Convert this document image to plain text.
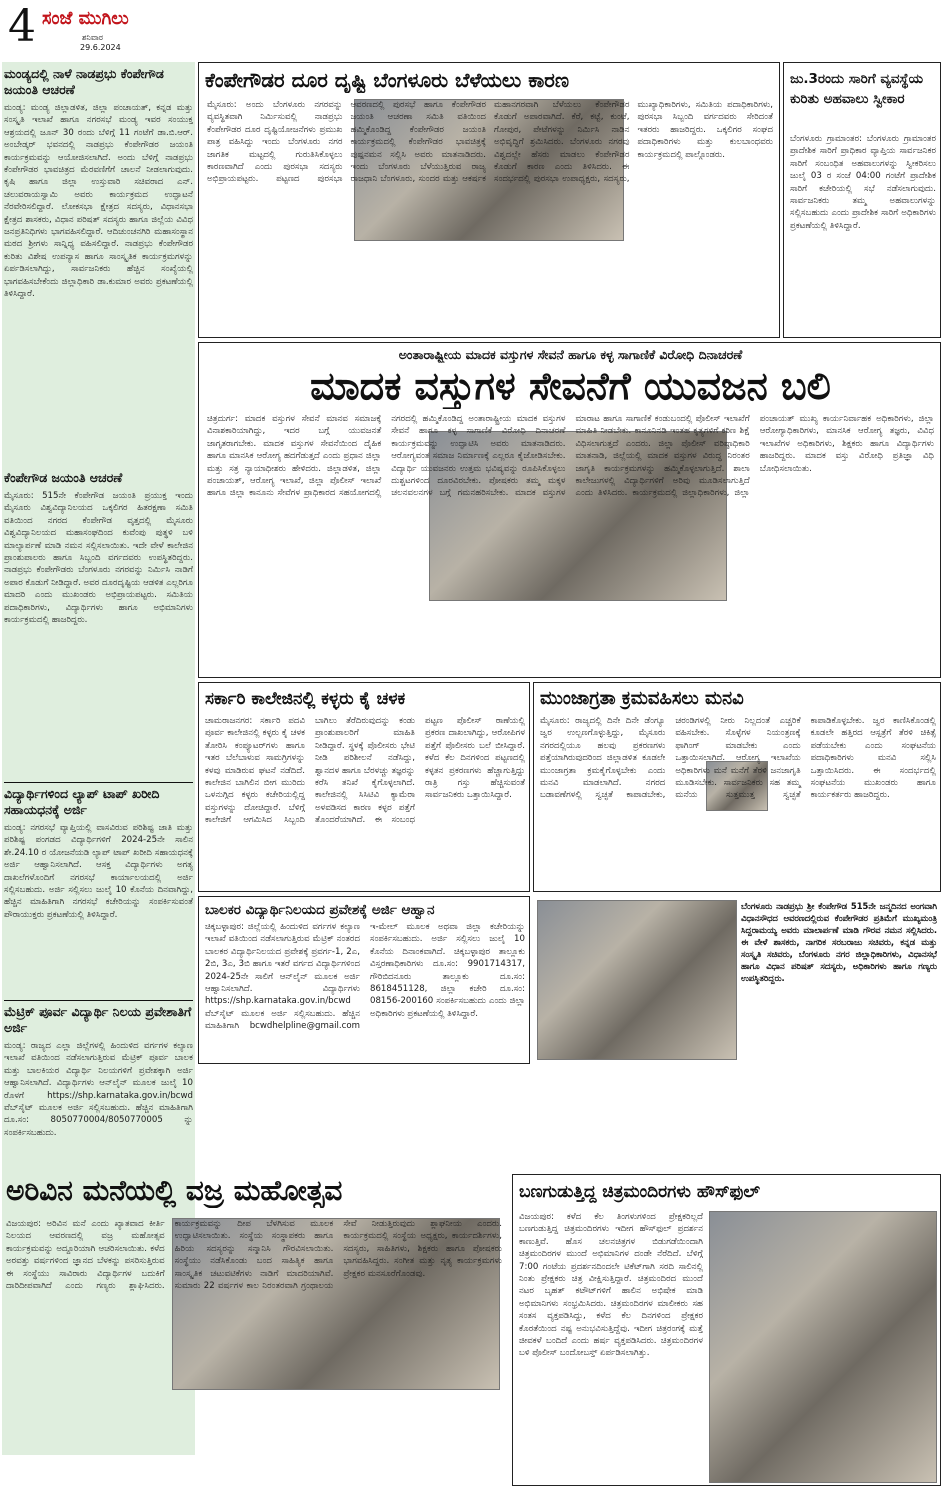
4 ಸಂಜೆ ಮುಗಿಲು
ಶನಿವಾರ
29.6.2024
ಮಂಡ್ಯದಲ್ಲಿ ನಾಳೆ ನಾಡಪ್ರಭು ಕೆಂಪೇಗೌಡ ಜಯಂತಿ ಆಚರಣೆ
ಮಂಡ್ಯ: ಮಂಡ್ಯ ಜಿಲ್ಲಾಡಳಿತ, ಜಿಲ್ಲಾ ಪಂಚಾಯತ್, ಕನ್ನಡ ಮತ್ತು ಸಂಸ್ಕೃತಿ ಇಲಾಖೆ ಹಾಗೂ ನಗರಸಭೆ ಮಂಡ್ಯ ಇವರ ಸಂಯುಕ್ತ ಆಶ್ರಯದಲ್ಲಿ ಜೂನ್ 30 ರಂದು ಬೆಳಿಗ್ಗೆ 11 ಗಂಟೆಗೆ ಡಾ.ಬಿ.ಆರ್. ಅಂಬೇಡ್ಕರ್ ಭವನದಲ್ಲಿ ನಾಡಪ್ರಭು ಕೆಂಪೇಗೌಡರ ಜಯಂತಿ ಕಾರ್ಯಕ್ರಮವನ್ನು ಆಯೋಜಿಸಲಾಗಿದೆ. ಅಂದು ಬೆಳಿಗ್ಗೆ ನಾಡಪ್ರಭು ಕೆಂಪೇಗೌಡರ ಭಾವಚಿತ್ರದ ಮೆರವಣಿಗೆಗೆ ಚಾಲನೆ ನೀಡಲಾಗುವುದು. ಕೃಷಿ ಹಾಗೂ ಜಿಲ್ಲಾ ಉಸ್ತುವಾರಿ ಸಚಿವರಾದ ಎನ್. ಚಲುವರಾಯಸ್ವಾಮಿ ಅವರು ಕಾರ್ಯಕ್ರಮದ ಉದ್ಘಾಟನೆ ನೆರವೇರಿಸಲಿದ್ದಾರೆ. ಲೋಕಸಭಾ ಕ್ಷೇತ್ರದ ಸದಸ್ಯರು, ವಿಧಾನಸಭಾ ಕ್ಷೇತ್ರದ ಶಾಸಕರು, ವಿಧಾನ ಪರಿಷತ್ ಸದಸ್ಯರು ಹಾಗೂ ಜಿಲ್ಲೆಯ ವಿವಿಧ ಜನಪ್ರತಿನಿಧಿಗಳು ಭಾಗವಹಿಸಲಿದ್ದಾರೆ. ಆದಿಚುಂಚನಗಿರಿ ಮಹಾಸಂಸ್ಥಾನ ಮಠದ ಶ್ರೀಗಳು ಸಾನ್ನಿಧ್ಯ ವಹಿಸಲಿದ್ದಾರೆ. ನಾಡಪ್ರಭು ಕೆಂಪೇಗೌಡರ ಕುರಿತು ವಿಶೇಷ ಉಪನ್ಯಾಸ ಹಾಗೂ ಸಾಂಸ್ಕೃತಿಕ ಕಾರ್ಯಕ್ರಮಗಳನ್ನು ಏರ್ಪಡಿಸಲಾಗಿದ್ದು, ಸಾರ್ವಜನಿಕರು ಹೆಚ್ಚಿನ ಸಂಖ್ಯೆಯಲ್ಲಿ ಭಾಗವಹಿಸಬೇಕೆಂದು ಜಿಲ್ಲಾಧಿಕಾರಿ ಡಾ.ಕುಮಾರ ಅವರು ಪ್ರಕಟಣೆಯಲ್ಲಿ ತಿಳಿಸಿದ್ದಾರೆ.
ಕೆಂಪೇಗೌಡ ಜಯಂತಿ ಆಚರಣೆ
ಮೈಸೂರು: 515ನೇ ಕೆಂಪೇಗೌಡ ಜಯಂತಿ ಪ್ರಯುಕ್ತ ಇಂದು ಮೈಸೂರು ವಿಶ್ವವಿದ್ಯಾನಿಲಯದ ಒಕ್ಕಲಿಗರ ಹಿತರಕ್ಷಣಾ ಸಮಿತಿ ವತಿಯಿಂದ ನಗರದ ಕೆಂಪೇಗೌಡ ವೃತ್ತದಲ್ಲಿ ಮೈಸೂರು ವಿಶ್ವವಿದ್ಯಾನಿಲಯದ ಮಹಾಸಂಘದಿಂದ ಕುವೆಂಪು ಪುತ್ಥಳಿ ಬಳಿ ಮಾಲ್ಯಾರ್ಪಣೆ ಮಾಡಿ ನಮನ ಸಲ್ಲಿಸಲಾಯಿತು. ಇದೇ ವೇಳೆ ಕಾಲೇಜಿನ ಪ್ರಾಂಶುಪಾಲರು ಹಾಗೂ ಸಿಬ್ಬಂದಿ ವರ್ಗದವರು ಉಪಸ್ಥಿತರಿದ್ದರು. ನಾಡಪ್ರಭು ಕೆಂಪೇಗೌಡರು ಬೆಂಗಳೂರು ನಗರವನ್ನು ನಿರ್ಮಿಸಿ ನಾಡಿಗೆ ಅಪಾರ ಕೊಡುಗೆ ನೀಡಿದ್ದಾರೆ. ಅವರ ದೂರದೃಷ್ಟಿಯ ಆಡಳಿತ ಎಲ್ಲರಿಗೂ ಮಾದರಿ ಎಂದು ಮುಖಂಡರು ಅಭಿಪ್ರಾಯಪಟ್ಟರು. ಸಮಿತಿಯ ಪದಾಧಿಕಾರಿಗಳು, ವಿದ್ಯಾರ್ಥಿಗಳು ಹಾಗೂ ಅಭಿಮಾನಿಗಳು ಕಾರ್ಯಕ್ರಮದಲ್ಲಿ ಹಾಜರಿದ್ದರು.
ವಿದ್ಯಾರ್ಥಿಗಳಿಂದ ಲ್ಯಾಪ್ ಟಾಪ್ ಖರೀದಿ ಸಹಾಯಧನಕ್ಕೆ ಅರ್ಜಿ
ಮಂಡ್ಯ: ನಗರಸಭೆ ವ್ಯಾಪ್ತಿಯಲ್ಲಿ ವಾಸವಿರುವ ಪರಿಶಿಷ್ಟ ಜಾತಿ ಮತ್ತು ಪರಿಶಿಷ್ಟ ಪಂಗಡದ ವಿದ್ಯಾರ್ಥಿಗಳಿಗೆ 2024-25ನೇ ಸಾಲಿನ ಶೇ.24.10 ರ ಯೋಜನೆಯಡಿ ಲ್ಯಾಪ್ ಟಾಪ್ ಖರೀದಿ ಸಹಾಯಧನಕ್ಕೆ ಅರ್ಜಿ ಆಹ್ವಾನಿಸಲಾಗಿದೆ. ಆಸಕ್ತ ವಿದ್ಯಾರ್ಥಿಗಳು ಅಗತ್ಯ ದಾಖಲೆಗಳೊಂದಿಗೆ ನಗರಸಭೆ ಕಾರ್ಯಾಲಯದಲ್ಲಿ ಅರ್ಜಿ ಸಲ್ಲಿಸಬಹುದು. ಅರ್ಜಿ ಸಲ್ಲಿಸಲು ಜುಲೈ 10 ಕೊನೆಯ ದಿನವಾಗಿದ್ದು, ಹೆಚ್ಚಿನ ಮಾಹಿತಿಗಾಗಿ ನಗರಸಭೆ ಕಚೇರಿಯನ್ನು ಸಂಪರ್ಕಿಸುವಂತೆ ಪೌರಾಯುಕ್ತರು ಪ್ರಕಟಣೆಯಲ್ಲಿ ತಿಳಿಸಿದ್ದಾರೆ.
ಮೆಟ್ರಿಕ್ ಪೂರ್ವ ವಿದ್ಯಾರ್ಥಿ ನಿಲಯ ಪ್ರವೇಶಾತಿಗೆ ಅರ್ಜಿ
ಮಂಡ್ಯ: ರಾಜ್ಯದ ಎಲ್ಲಾ ಜಿಲ್ಲೆಗಳಲ್ಲಿ ಹಿಂದುಳಿದ ವರ್ಗಗಳ ಕಲ್ಯಾಣ ಇಲಾಖೆ ವತಿಯಿಂದ ನಡೆಸಲಾಗುತ್ತಿರುವ ಮೆಟ್ರಿಕ್ ಪೂರ್ವ ಬಾಲಕ ಮತ್ತು ಬಾಲಕಿಯರ ವಿದ್ಯಾರ್ಥಿ ನಿಲಯಗಳಿಗೆ ಪ್ರವೇಶಕ್ಕಾಗಿ ಅರ್ಜಿ ಆಹ್ವಾನಿಸಲಾಗಿದೆ. ವಿದ್ಯಾರ್ಥಿಗಳು ಆನ್‌ಲೈನ್ ಮೂಲಕ ಜುಲೈ 10 ರೊಳಗೆ https://shp.karnataka.gov.in/bcwd ವೆಬ್‌ಸೈಟ್ ಮೂಲಕ ಅರ್ಜಿ ಸಲ್ಲಿಸಬಹುದು. ಹೆಚ್ಚಿನ ಮಾಹಿತಿಗಾಗಿ ದೂ.ಸಂ: 8050770004/8050770005 ನ್ನು ಸಂಪರ್ಕಿಸಬಹುದು.
ಕೆಂಪೇಗೌಡರ ದೂರ ದೃಷ್ಟಿ ಬೆಂಗಳೂರು ಬೆಳೆಯಲು ಕಾರಣ
ಮೈಸೂರು: ಅಂದು ಬೆಂಗಳೂರು ನಗರವನ್ನು ವ್ಯವಸ್ಥಿತವಾಗಿ ನಿರ್ಮಿಸುವಲ್ಲಿ ನಾಡಪ್ರಭು ಕೆಂಪೇಗೌಡರ ದೂರ ದೃಷ್ಟಿಯೋಜನೆಗಳು ಪ್ರಮುಖ ಪಾತ್ರ ವಹಿಸಿದ್ದು ಇಂದು ಬೆಂಗಳೂರು ನಗರ ಜಾಗತಿಕ ಮಟ್ಟದಲ್ಲಿ ಗುರುತಿಸಿಕೊಳ್ಳಲು ಕಾರಣವಾಗಿದೆ ಎಂದು ಪುರಸಭಾ ಸದಸ್ಯರು ಅಭಿಪ್ರಾಯಪಟ್ಟರು. ಪಟ್ಟಣದ ಪುರಸಭಾ ಆವರಣದಲ್ಲಿ ಪುರಸಭೆ ಹಾಗೂ ಕೆಂಪೇಗೌಡರ ಜಯಂತಿ ಆಚರಣಾ ಸಮಿತಿ ವತಿಯಿಂದ ಹಮ್ಮಿಕೊಂಡಿದ್ದ ಕೆಂಪೇಗೌಡರ ಜಯಂತಿ ಕಾರ್ಯಕ್ರಮದಲ್ಲಿ ಕೆಂಪೇಗೌಡರ ಭಾವಚಿತ್ರಕ್ಕೆ ಪುಷ್ಪನಮನ ಸಲ್ಲಿಸಿ ಅವರು ಮಾತನಾಡಿದರು. ಇಂದು ಬೆಂಗಳೂರು ಬೆಳೆಯುತ್ತಿರುವ ರಾಜ್ಯ ರಾಜಧಾನಿ ಬೆಂಗಳೂರು, ಸುಂದರ ಮತ್ತು ಆಕರ್ಷಕ ಮಹಾನಗರವಾಗಿ ಬೆಳೆಯಲು ಕೆಂಪೇಗೌಡರ ಕೊಡುಗೆ ಅಪಾರವಾಗಿದೆ. ಕೆರೆ, ಕಟ್ಟೆ, ಕುಂಟೆ, ಗೋಪುರ, ಪೇಟೆಗಳನ್ನು ನಿರ್ಮಿಸಿ ನಾಡಿನ ಅಭಿವೃದ್ಧಿಗೆ ಶ್ರಮಿಸಿದರು. ಬೆಂಗಳೂರು ನಗರವು ವಿಶ್ವದಲ್ಲೇ ಹೆಸರು ಮಾಡಲು ಕೆಂಪೇಗೌಡರ ಕೊಡುಗೆ ಕಾರಣ ಎಂದು ತಿಳಿಸಿದರು. ಈ ಸಂದರ್ಭದಲ್ಲಿ ಪುರಸಭಾ ಉಪಾಧ್ಯಕ್ಷರು, ಸದಸ್ಯರು, ಮುಖ್ಯಾಧಿಕಾರಿಗಳು, ಸಮಿತಿಯ ಪದಾಧಿಕಾರಿಗಳು, ಪುರಸಭಾ ಸಿಬ್ಬಂದಿ ವರ್ಗದವರು ಸೇರಿದಂತೆ ಇತರರು ಹಾಜರಿದ್ದರು. ಒಕ್ಕಲಿಗರ ಸಂಘದ ಪದಾಧಿಕಾರಿಗಳು ಮತ್ತು ಕುಲಬಾಂಧವರು ಕಾರ್ಯಕ್ರಮದಲ್ಲಿ ಪಾಲ್ಗೊಂಡರು.
ಜು.3ರಂದು ಸಾರಿಗೆ ವ್ಯವಸ್ಥೆಯ ಕುರಿತು ಅಹವಾಲು ಸ್ವೀಕಾರ
ಬೆಂಗಳೂರು ಗ್ರಾಮಾಂತರ: ಬೆಂಗಳೂರು ಗ್ರಾಮಾಂತರ ಪ್ರಾದೇಶಿಕ ಸಾರಿಗೆ ಪ್ರಾಧಿಕಾರ ವ್ಯಾಪ್ತಿಯ ಸಾರ್ವಜನಿಕರ ಸಾರಿಗೆ ಸಂಬಂಧಿತ ಅಹವಾಲುಗಳನ್ನು ಸ್ವೀಕರಿಸಲು ಜುಲೈ 03 ರ ಸಂಜೆ 04:00 ಗಂಟೆಗೆ ಪ್ರಾದೇಶಿಕ ಸಾರಿಗೆ ಕಚೇರಿಯಲ್ಲಿ ಸಭೆ ನಡೆಸಲಾಗುವುದು. ಸಾರ್ವಜನಿಕರು ತಮ್ಮ ಅಹವಾಲುಗಳನ್ನು ಸಲ್ಲಿಸಬಹುದು ಎಂದು ಪ್ರಾದೇಶಿಕ ಸಾರಿಗೆ ಅಧಿಕಾರಿಗಳು ಪ್ರಕಟಣೆಯಲ್ಲಿ ತಿಳಿಸಿದ್ದಾರೆ.
ಅಂತಾರಾಷ್ಟ್ರೀಯ ಮಾದಕ ವಸ್ತುಗಳ ಸೇವನೆ ಹಾಗೂ ಕಳ್ಳ ಸಾಗಾಣಿಕೆ ವಿರೋಧಿ ದಿನಾಚರಣೆ
ಮಾದಕ ವಸ್ತುಗಳ ಸೇವನೆಗೆ ಯುವಜನ ಬಲಿ
ಚಿತ್ರದುರ್ಗ: ಮಾದಕ ವಸ್ತುಗಳ ಸೇವನೆ ಮಾನವ ಸಮಾಜಕ್ಕೆ ವಿನಾಶಕಾರಿಯಾಗಿದ್ದು, ಇದರ ಬಗ್ಗೆ ಯುವಜನತೆ ಜಾಗೃತರಾಗಬೇಕು. ಮಾದಕ ವಸ್ತುಗಳ ಸೇವನೆಯಿಂದ ದೈಹಿಕ ಹಾಗೂ ಮಾನಸಿಕ ಆರೋಗ್ಯ ಹದಗೆಡುತ್ತದೆ ಎಂದು ಪ್ರಧಾನ ಜಿಲ್ಲಾ ಮತ್ತು ಸತ್ರ ನ್ಯಾಯಾಧೀಶರು ಹೇಳಿದರು. ಜಿಲ್ಲಾಡಳಿತ, ಜಿಲ್ಲಾ ಪಂಚಾಯತ್, ಆರೋಗ್ಯ ಇಲಾಖೆ, ಜಿಲ್ಲಾ ಪೊಲೀಸ್ ಇಲಾಖೆ ಹಾಗೂ ಜಿಲ್ಲಾ ಕಾನೂನು ಸೇವೆಗಳ ಪ್ರಾಧಿಕಾರದ ಸಹಯೋಗದಲ್ಲಿ ನಗರದಲ್ಲಿ ಹಮ್ಮಿಕೊಂಡಿದ್ದ ಅಂತಾರಾಷ್ಟ್ರೀಯ ಮಾದಕ ವಸ್ತುಗಳ ಸೇವನೆ ಹಾಗೂ ಕಳ್ಳ ಸಾಗಾಣಿಕೆ ವಿರೋಧಿ ದಿನಾಚರಣೆ ಕಾರ್ಯಕ್ರಮವನ್ನು ಉದ್ಘಾಟಿಸಿ ಅವರು ಮಾತನಾಡಿದರು. ಆರೋಗ್ಯವಂತ ಸಮಾಜ ನಿರ್ಮಾಣಕ್ಕೆ ಎಲ್ಲರೂ ಕೈಜೋಡಿಸಬೇಕು. ವಿದ್ಯಾರ್ಥಿ ಯುವಜನರು ಉತ್ತಮ ಭವಿಷ್ಯವನ್ನು ರೂಪಿಸಿಕೊಳ್ಳಲು ದುಶ್ಚಟಗಳಿಂದ ದೂರವಿರಬೇಕು. ಪೋಷಕರು ತಮ್ಮ ಮಕ್ಕಳ ಚಲನವಲನಗಳ ಬಗ್ಗೆ ಗಮನಹರಿಸಬೇಕು. ಮಾದಕ ವಸ್ತುಗಳ ಮಾರಾಟ ಹಾಗೂ ಸಾಗಾಣಿಕೆ ಕಂಡುಬಂದಲ್ಲಿ ಪೊಲೀಸ್ ಇಲಾಖೆಗೆ ಮಾಹಿತಿ ನೀಡಬೇಕು. ಕಾನೂನಿನಡಿ ಇಂತಹ ಕೃತ್ಯಗಳಿಗೆ ಕಠಿಣ ಶಿಕ್ಷೆ ವಿಧಿಸಲಾಗುತ್ತದೆ ಎಂದರು. ಜಿಲ್ಲಾ ಪೊಲೀಸ್ ವರಿಷ್ಠಾಧಿಕಾರಿ ಮಾತನಾಡಿ, ಜಿಲ್ಲೆಯಲ್ಲಿ ಮಾದಕ ವಸ್ತುಗಳ ವಿರುದ್ಧ ನಿರಂತರ ಜಾಗೃತಿ ಕಾರ್ಯಕ್ರಮಗಳನ್ನು ಹಮ್ಮಿಕೊಳ್ಳಲಾಗುತ್ತಿದೆ. ಶಾಲಾ ಕಾಲೇಜುಗಳಲ್ಲಿ ವಿದ್ಯಾರ್ಥಿಗಳಿಗೆ ಅರಿವು ಮೂಡಿಸಲಾಗುತ್ತಿದೆ ಎಂದು ತಿಳಿಸಿದರು. ಕಾರ್ಯಕ್ರಮದಲ್ಲಿ ಜಿಲ್ಲಾಧಿಕಾರಿಗಳು, ಜಿಲ್ಲಾ ಪಂಚಾಯತ್ ಮುಖ್ಯ ಕಾರ್ಯನಿರ್ವಾಹಕ ಅಧಿಕಾರಿಗಳು, ಜಿಲ್ಲಾ ಆರೋಗ್ಯಾಧಿಕಾರಿಗಳು, ಮಾನಸಿಕ ಆರೋಗ್ಯ ತಜ್ಞರು, ವಿವಿಧ ಇಲಾಖೆಗಳ ಅಧಿಕಾರಿಗಳು, ಶಿಕ್ಷಕರು ಹಾಗೂ ವಿದ್ಯಾರ್ಥಿಗಳು ಹಾಜರಿದ್ದರು. ಮಾದಕ ವಸ್ತು ವಿರೋಧಿ ಪ್ರತಿಜ್ಞಾ ವಿಧಿ ಬೋಧಿಸಲಾಯಿತು.
ಸರ್ಕಾರಿ ಕಾಲೇಜಿನಲ್ಲಿ ಕಳ್ಳರು ಕೈ ಚಳಕ
ಚಾಮರಾಜನಗರ: ಸರ್ಕಾರಿ ಪದವಿ ಪೂರ್ವ ಕಾಲೇಜಿನಲ್ಲಿ ಕಳ್ಳರು ಕೈ ಚಳಕ ತೋರಿಸಿ ಕಂಪ್ಯೂಟರ್‌ಗಳು ಹಾಗೂ ಇತರ ಬೆಲೆಬಾಳುವ ಸಾಮಗ್ರಿಗಳನ್ನು ಕಳವು ಮಾಡಿರುವ ಘಟನೆ ನಡೆದಿದೆ. ಕಾಲೇಜಿನ ಬಾಗಿಲಿನ ಬೀಗ ಮುರಿದು ಒಳನುಗ್ಗಿದ ಕಳ್ಳರು ಕಚೇರಿಯಲ್ಲಿದ್ದ ವಸ್ತುಗಳನ್ನು ದೋಚಿದ್ದಾರೆ. ಬೆಳಿಗ್ಗೆ ಕಾಲೇಜಿಗೆ ಆಗಮಿಸಿದ ಸಿಬ್ಬಂದಿ ಬಾಗಿಲು ತೆರೆದಿರುವುದನ್ನು ಕಂಡು ಪ್ರಾಂಶುಪಾಲರಿಗೆ ಮಾಹಿತಿ ನೀಡಿದ್ದಾರೆ. ಸ್ಥಳಕ್ಕೆ ಪೊಲೀಸರು ಭೇಟಿ ನೀಡಿ ಪರಿಶೀಲನೆ ನಡೆಸಿದ್ದು, ಶ್ವಾನದಳ ಹಾಗೂ ಬೆರಳಚ್ಚು ತಜ್ಞರನ್ನು ಕರೆಸಿ ತನಿಖೆ ಕೈಗೊಳ್ಳಲಾಗಿದೆ. ಕಾಲೇಜಿನಲ್ಲಿ ಸಿಸಿಟಿವಿ ಕ್ಯಾಮೆರಾ ಅಳವಡಿಸದ ಕಾರಣ ಕಳ್ಳರ ಪತ್ತೆಗೆ ತೊಂದರೆಯಾಗಿದೆ. ಈ ಸಂಬಂಧ ಪಟ್ಟಣ ಪೊಲೀಸ್ ಠಾಣೆಯಲ್ಲಿ ಪ್ರಕರಣ ದಾಖಲಾಗಿದ್ದು, ಆರೋಪಿಗಳ ಪತ್ತೆಗೆ ಪೊಲೀಸರು ಬಲೆ ಬೀಸಿದ್ದಾರೆ. ಕಳೆದ ಕೆಲ ದಿನಗಳಿಂದ ಪಟ್ಟಣದಲ್ಲಿ ಕಳ್ಳತನ ಪ್ರಕರಣಗಳು ಹೆಚ್ಚಾಗುತ್ತಿದ್ದು ರಾತ್ರಿ ಗಸ್ತು ಹೆಚ್ಚಿಸುವಂತೆ ಸಾರ್ವಜನಿಕರು ಒತ್ತಾಯಿಸಿದ್ದಾರೆ.
ಮುಂಜಾಗ್ರತಾ ಕ್ರಮವಹಿಸಲು ಮನವಿ
ಮೈಸೂರು: ರಾಜ್ಯದಲ್ಲಿ ದಿನೇ ದಿನೇ ಡೆಂಗ್ಯೂ ಜ್ವರ ಉಲ್ಬಣಗೊಳ್ಳುತ್ತಿದ್ದು, ಮೈಸೂರು ನಗರದಲ್ಲಿಯೂ ಹಲವು ಪ್ರಕರಣಗಳು ಪತ್ತೆಯಾಗಿರುವುದರಿಂದ ಜಿಲ್ಲಾಡಳಿತ ಕೂಡಲೇ ಮುಂಜಾಗ್ರತಾ ಕ್ರಮಕೈಗೊಳ್ಳಬೇಕು ಎಂದು ಮನವಿ ಮಾಡಲಾಗಿದೆ. ನಗರದ ಬಡಾವಣೆಗಳಲ್ಲಿ ಸ್ವಚ್ಛತೆ ಕಾಪಾಡಬೇಕು, ಚರಂಡಿಗಳಲ್ಲಿ ನೀರು ನಿಲ್ಲದಂತೆ ಎಚ್ಚರಿಕೆ ವಹಿಸಬೇಕು. ಸೊಳ್ಳೆಗಳ ನಿಯಂತ್ರಣಕ್ಕೆ ಫಾಗಿಂಗ್ ಮಾಡಬೇಕು ಎಂದು ಒತ್ತಾಯಿಸಲಾಗಿದೆ. ಆರೋಗ್ಯ ಇಲಾಖೆಯ ಅಧಿಕಾರಿಗಳು ಮನೆ ಮನೆಗೆ ತೆರಳಿ ಜನಜಾಗೃತಿ ಮೂಡಿಸಬೇಕು. ಸಾರ್ವಜನಿಕರು ಸಹ ತಮ್ಮ ಮನೆಯ ಸುತ್ತಮುತ್ತ ಸ್ವಚ್ಛತೆ ಕಾಪಾಡಿಕೊಳ್ಳಬೇಕು. ಜ್ವರ ಕಾಣಿಸಿಕೊಂಡಲ್ಲಿ ಕೂಡಲೇ ಹತ್ತಿರದ ಆಸ್ಪತ್ರೆಗೆ ತೆರಳಿ ಚಿಕಿತ್ಸೆ ಪಡೆಯಬೇಕು ಎಂದು ಸಂಘಟನೆಯ ಪದಾಧಿಕಾರಿಗಳು ಮನವಿ ಸಲ್ಲಿಸಿ ಒತ್ತಾಯಿಸಿದರು. ಈ ಸಂದರ್ಭದಲ್ಲಿ ಸಂಘಟನೆಯ ಮುಖಂಡರು ಹಾಗೂ ಕಾರ್ಯಕರ್ತರು ಹಾಜರಿದ್ದರು.
ಬಾಲಕರ ವಿದ್ಯಾರ್ಥಿನಿಲಯದ ಪ್ರವೇಶಕ್ಕೆ ಅರ್ಜಿ ಆಹ್ವಾನ
ಚಿಕ್ಕಬಳ್ಳಾಪುರ: ಜಿಲ್ಲೆಯಲ್ಲಿ ಹಿಂದುಳಿದ ವರ್ಗಗಳ ಕಲ್ಯಾಣ ಇಲಾಖೆ ವತಿಯಿಂದ ನಡೆಸಲಾಗುತ್ತಿರುವ ಮೆಟ್ರಿಕ್ ನಂತರದ ಬಾಲಕರ ವಿದ್ಯಾರ್ಥಿನಿಲಯದ ಪ್ರವೇಶಕ್ಕೆ ಪ್ರವರ್ಗ-1, 2ಎ, 2ಬಿ, 3ಎ, 3ಬಿ ಹಾಗೂ ಇತರೆ ವರ್ಗದ ವಿದ್ಯಾರ್ಥಿಗಳಿಂದ 2024-25ನೇ ಸಾಲಿಗೆ ಆನ್‌ಲೈನ್ ಮೂಲಕ ಅರ್ಜಿ ಆಹ್ವಾನಿಸಲಾಗಿದೆ. ವಿದ್ಯಾರ್ಥಿಗಳು https://shp.karnataka.gov.in/bcwd ವೆಬ್‌ಸೈಟ್ ಮೂಲಕ ಅರ್ಜಿ ಸಲ್ಲಿಸಬಹುದು. ಹೆಚ್ಚಿನ ಮಾಹಿತಿಗಾಗಿ bcwdhelpline@gmail.com ಇ-ಮೇಲ್ ಮೂಲಕ ಅಥವಾ ಜಿಲ್ಲಾ ಕಚೇರಿಯನ್ನು ಸಂಪರ್ಕಿಸಬಹುದು. ಅರ್ಜಿ ಸಲ್ಲಿಸಲು ಜುಲೈ 10 ಕೊನೆಯ ದಿನಾಂಕವಾಗಿದೆ. ಚಿಕ್ಕಬಳ್ಳಾಪುರ ತಾಲ್ಲೂಕು ವಿಸ್ತರಣಾಧಿಕಾರಿಗಳು ದೂ.ಸಂ: 9901714317, ಗೌರಿಬಿದನೂರು ತಾಲ್ಲೂಕು ದೂ.ಸಂ: 8618451128, ಜಿಲ್ಲಾ ಕಚೇರಿ ದೂ.ಸಂ: 08156-200160 ಸಂಪರ್ಕಿಸಬಹುದು ಎಂದು ಜಿಲ್ಲಾ ಅಧಿಕಾರಿಗಳು ಪ್ರಕಟಣೆಯಲ್ಲಿ ತಿಳಿಸಿದ್ದಾರೆ.
ಬೆಂಗಳೂರು ನಾಡಪ್ರಭು ಶ್ರೀ ಕೆಂಪೇಗೌಡ 515ನೇ ಜನ್ಮದಿನದ ಅಂಗವಾಗಿ ವಿಧಾನಸೌಧದ ಆವರಣದಲ್ಲಿರುವ ಕೆಂಪೇಗೌಡರ ಪ್ರತಿಮೆಗೆ ಮುಖ್ಯಮಂತ್ರಿ ಸಿದ್ದರಾಮಯ್ಯ ಅವರು ಮಾಲಾರ್ಪಣೆ ಮಾಡಿ ಗೌರವ ನಮನ ಸಲ್ಲಿಸಿದರು. ಈ ವೇಳೆ ಶಾಸಕರು, ನಾಗರಿಕ ಸರಬರಾಜು ಸಚಿವರು, ಕನ್ನಡ ಮತ್ತು ಸಂಸ್ಕೃತಿ ಸಚಿವರು, ಬೆಂಗಳೂರು ನಗರ ಜಿಲ್ಲಾಧಿಕಾರಿಗಳು, ವಿಧಾನಸಭೆ ಹಾಗೂ ವಿಧಾನ ಪರಿಷತ್ ಸದಸ್ಯರು, ಅಧಿಕಾರಿಗಳು ಹಾಗೂ ಗಣ್ಯರು ಉಪಸ್ಥಿತರಿದ್ದರು.
ಅರಿವಿನ ಮನೆಯಲ್ಲಿ ವಜ್ರ ಮಹೋತ್ಸವ
ವಿಜಯಪುರ: ಅರಿವಿನ ಮನೆ ಎಂದು ಖ್ಯಾತವಾದ ಕೀರ್ತಿ ನಿಲಯದ ಆವರಣದಲ್ಲಿ ವಜ್ರ ಮಹೋತ್ಸವ ಕಾರ್ಯಕ್ರಮವನ್ನು ಅದ್ದೂರಿಯಾಗಿ ಆಚರಿಸಲಾಯಿತು. ಕಳೆದ ಅರವತ್ತು ವರ್ಷಗಳಿಂದ ಜ್ಞಾನದ ಬೆಳಕನ್ನು ಪಸರಿಸುತ್ತಿರುವ ಈ ಸಂಸ್ಥೆಯು ಸಾವಿರಾರು ವಿದ್ಯಾರ್ಥಿಗಳ ಬದುಕಿಗೆ ದಾರಿದೀಪವಾಗಿದೆ ಎಂದು ಗಣ್ಯರು ಶ್ಲಾಘಿಸಿದರು. ಕಾರ್ಯಕ್ರಮವನ್ನು ದೀಪ ಬೆಳಗಿಸುವ ಮೂಲಕ ಉದ್ಘಾಟಿಸಲಾಯಿತು. ಸಂಸ್ಥೆಯ ಸಂಸ್ಥಾಪಕರು ಹಾಗೂ ಹಿರಿಯ ಸದಸ್ಯರನ್ನು ಸನ್ಮಾನಿಸಿ ಗೌರವಿಸಲಾಯಿತು. ಸಂಸ್ಥೆಯು ನಡೆಸಿಕೊಂಡು ಬಂದ ಸಾಹಿತ್ಯಿಕ ಹಾಗೂ ಸಾಂಸ್ಕೃತಿಕ ಚಟುವಟಿಕೆಗಳು ನಾಡಿಗೆ ಮಾದರಿಯಾಗಿವೆ. ಸುಮಾರು 22 ವರ್ಷಗಳ ಕಾಲ ನಿರಂತರವಾಗಿ ಗ್ರಂಥಾಲಯ ಸೇವೆ ನೀಡುತ್ತಿರುವುದು ಶ್ಲಾಘನೀಯ ಎಂದರು. ಕಾರ್ಯಕ್ರಮದಲ್ಲಿ ಸಂಸ್ಥೆಯ ಅಧ್ಯಕ್ಷರು, ಕಾರ್ಯದರ್ಶಿಗಳು, ಸದಸ್ಯರು, ಸಾಹಿತಿಗಳು, ಶಿಕ್ಷಕರು ಹಾಗೂ ಪೋಷಕರು ಭಾಗವಹಿಸಿದ್ದರು. ಸಂಗೀತ ಮತ್ತು ನೃತ್ಯ ಕಾರ್ಯಕ್ರಮಗಳು ಪ್ರೇಕ್ಷಕರ ಮನಸೂರೆಗೊಂಡವು.
ಬಣಗುಡುತ್ತಿದ್ದ ಚಿತ್ರಮಂದಿರಗಳು ಹೌಸ್‌ಫುಲ್
ವಿಜಯಪುರ: ಕಳೆದ ಕೆಲ ತಿಂಗಳುಗಳಿಂದ ಪ್ರೇಕ್ಷಕರಿಲ್ಲದೆ ಬಣಗುಡುತ್ತಿದ್ದ ಚಿತ್ರಮಂದಿರಗಳು ಇದೀಗ ಹೌಸ್‌ಫುಲ್ ಪ್ರದರ್ಶನ ಕಾಣುತ್ತಿವೆ. ಹೊಸ ಚಲನಚಿತ್ರಗಳ ಬಿಡುಗಡೆಯಿಂದಾಗಿ ಚಿತ್ರಮಂದಿರಗಳ ಮುಂದೆ ಅಭಿಮಾನಿಗಳ ದಂಡೇ ನೆರೆದಿದೆ. ಬೆಳಿಗ್ಗೆ 7:00 ಗಂಟೆಯ ಪ್ರದರ್ಶನದಿಂದಲೇ ಟಿಕೆಟ್‌ಗಾಗಿ ಸರದಿ ಸಾಲಿನಲ್ಲಿ ನಿಂತು ಪ್ರೇಕ್ಷಕರು ಚಿತ್ರ ವೀಕ್ಷಿಸುತ್ತಿದ್ದಾರೆ. ಚಿತ್ರಮಂದಿರದ ಮುಂದೆ ನಟರ ಬೃಹತ್ ಕಟೌಟ್‌ಗಳಿಗೆ ಹಾಲಿನ ಅಭಿಷೇಕ ಮಾಡಿ ಅಭಿಮಾನಿಗಳು ಸಂಭ್ರಮಿಸಿದರು. ಚಿತ್ರಮಂದಿರಗಳ ಮಾಲೀಕರು ಸಹ ಸಂತಸ ವ್ಯಕ್ತಪಡಿಸಿದ್ದು, ಕಳೆದ ಕೆಲ ದಿನಗಳಿಂದ ಪ್ರೇಕ್ಷಕರ ಕೊರತೆಯಿಂದ ನಷ್ಟ ಅನುಭವಿಸುತ್ತಿದ್ದೆವು. ಇದೀಗ ಚಿತ್ರರಂಗಕ್ಕೆ ಮತ್ತೆ ಜೀವಕಳೆ ಬಂದಿದೆ ಎಂದು ಹರ್ಷ ವ್ಯಕ್ತಪಡಿಸಿದರು. ಚಿತ್ರಮಂದಿರಗಳ ಬಳಿ ಪೊಲೀಸ್ ಬಂದೋಬಸ್ತ್ ಏರ್ಪಡಿಸಲಾಗಿತ್ತು.
